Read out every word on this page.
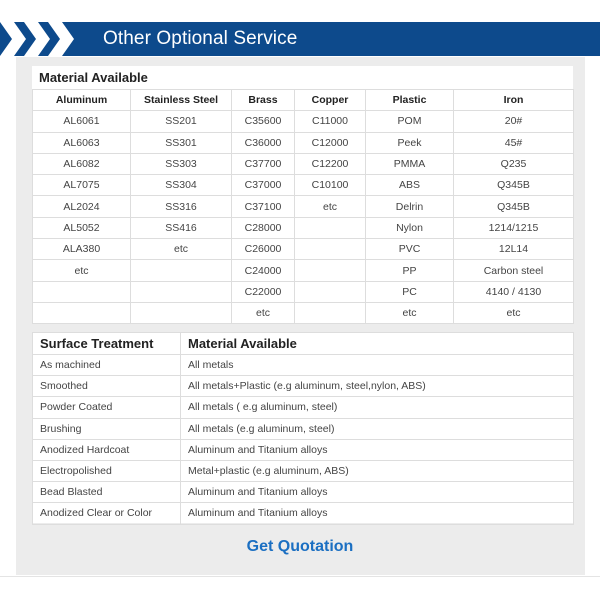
Other Optional Service
Material Available
Aluminum	Stainless Steel	Brass	Copper	Plastic	Iron
AL6061	SS201	C35600	C11000	POM	20#
AL6063	SS301	C36000	C12000	Peek	45#
AL6082	SS303	C37700	C12200	PMMA	Q235
AL7075	SS304	C37000	C10100	ABS	Q345B
AL2024	SS316	C37100	etc	Delrin	Q345B
AL5052	SS416	C28000		Nylon	1214/1215
ALA380	etc	C26000		PVC	12L14
etc		C24000		PP	Carbon steel
		C22000		PC	4140 / 4130
		etc		etc	etc
Surface Treatment	Material Available
As machined	All metals
Smoothed	All metals+Plastic (e.g aluminum, steel,nylon, ABS)
Powder Coated	All metals ( e.g aluminum, steel)
Brushing	All metals (e.g aluminum, steel)
Anodized Hardcoat	Aluminum and Titanium alloys
Electropolished	Metal+plastic (e.g aluminum, ABS)
Bead Blasted	Aluminum and Titanium alloys
Anodized Clear or Color	Aluminum and Titanium alloys
Get Quotation
